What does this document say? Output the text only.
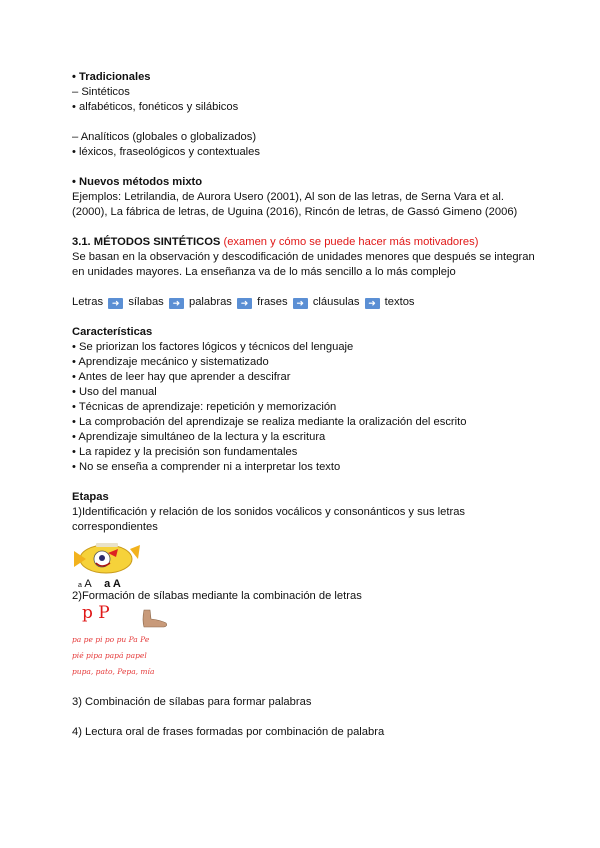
• Tradicionales
– Sintéticos
• alfabéticos, fonéticos y silábicos
– Analíticos (globales o globalizados)
• léxicos, fraseológicos y contextuales
• Nuevos métodos mixto
Ejemplos: Letrilandia, de Aurora Usero (2001), Al son de las letras, de Serna Vara et al. (2000), La fábrica de letras, de Uguina (2016), Rincón de letras, de Gassó Gimeno (2006)
3.1. MÉTODOS SINTÉTICOS (examen y cómo se puede hacer más motivadores)
Se basan en la observación y descodificación de unidades menores que después se integran en unidades mayores. La enseñanza va de lo más sencillo a lo más complejo
Letras ➜ sílabas ➜ palabras ➜ frases ➜ cláusulas ➜ textos
Características
• Se priorizan los factores lógicos y técnicos del lenguaje
• Aprendizaje mecánico y sistematizado
• Antes de leer hay que aprender a descifrar
• Uso del manual
• Técnicas de aprendizaje: repetición y memorización
• La comprobación del aprendizaje se realiza mediante la oralización del escrito
• Aprendizaje simultáneo de la lectura y la escritura
• La rapidez y la precisión son fundamentales
• No se enseña a comprender ni a interpretar los texto
Etapas
1)Identificación y relación de los sonidos vocálicos y consonánticos y sus letras correspondientes
a A a A
2)Formación de sílabas mediante la combinación de letras
p P
pa pe pi po pu Pa Pe
pié pipa papá papel
pupa, pato, Pepa, mía
3) Combinación de sílabas para formar palabras
4) Lectura oral de frases formadas por combinación de palabra
